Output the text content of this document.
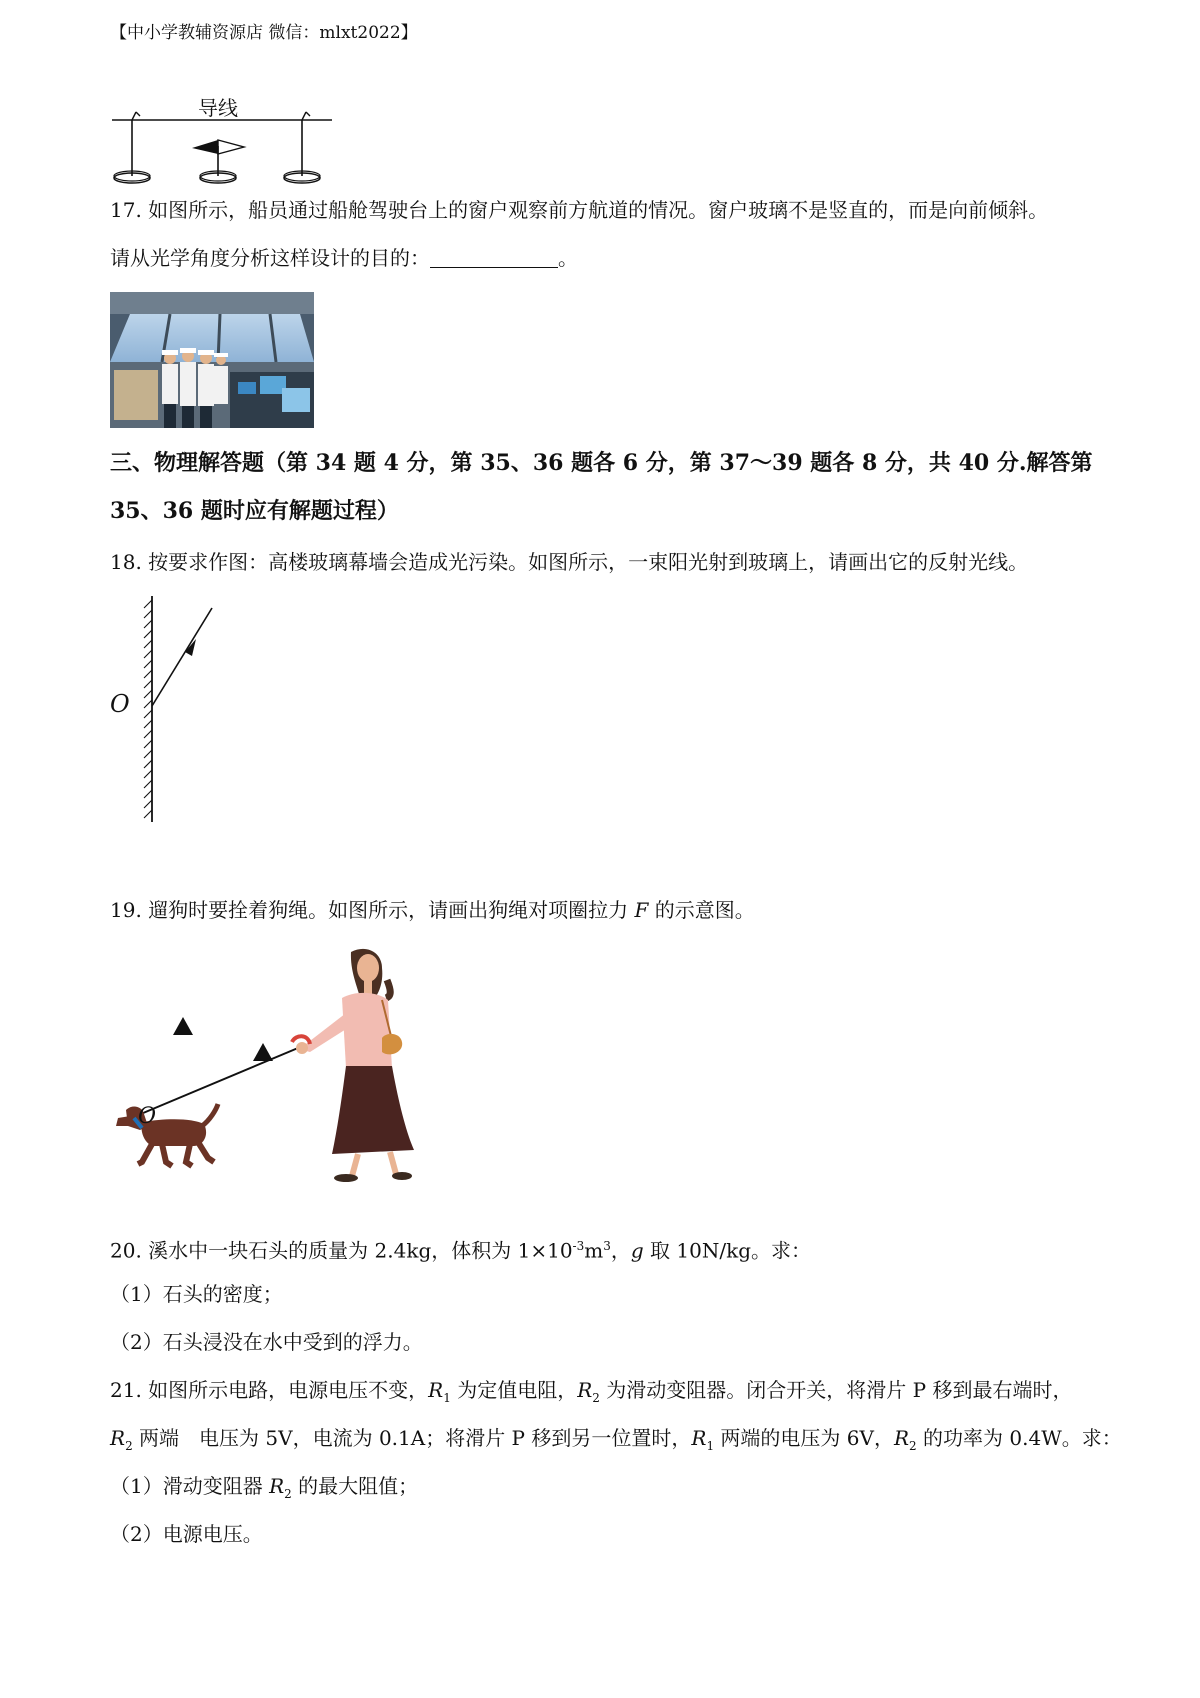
【中小学教辅资源店 微信：mlxt2022】
导线
17. 如图所示，船员通过船舱驾驶台上的窗户观察前方航道的情况。窗户玻璃不是竖直的，而是向前倾斜。
请从光学角度分析这样设计的目的：	。
三、物理解答题（第 34 题 4 分，第 35、36 题各 6 分，第 37～39 题各 8 分，共 40 分.解答第
35、36 题时应有解题过程）
18. 按要求作图：高楼玻璃幕墙会造成光污染。如图所示，一束阳光射到玻璃上，请画出它的反射光线。
O
19. 遛狗时要拴着狗绳。如图所示，请画出狗绳对项圈拉力 F 的示意图。
O
20. 溪水中一块石头的质量为 2.4kg，体积为 $1\times 10^{-3}m^3$，g 取 10N/kg。求：
（1）石头的密度；
（2）石头浸没在水中受到的浮力。
21. 如图所示电路，电源电压不变，$R_1$ 为定值电阻，$R_2$ 为滑动变阻器。闭合开关，将滑片 P 移到最右端时，
$R_2$ 两端　电压为 5V，电流为 0.1A；将滑片 P 移到另一位置时，$R_1$ 两端的电压为 6V，$R_2$ 的功率为 0.4W。求：
（1）滑动变阻器 $R_2$ 的最大阻值；
（2）电源电压。
